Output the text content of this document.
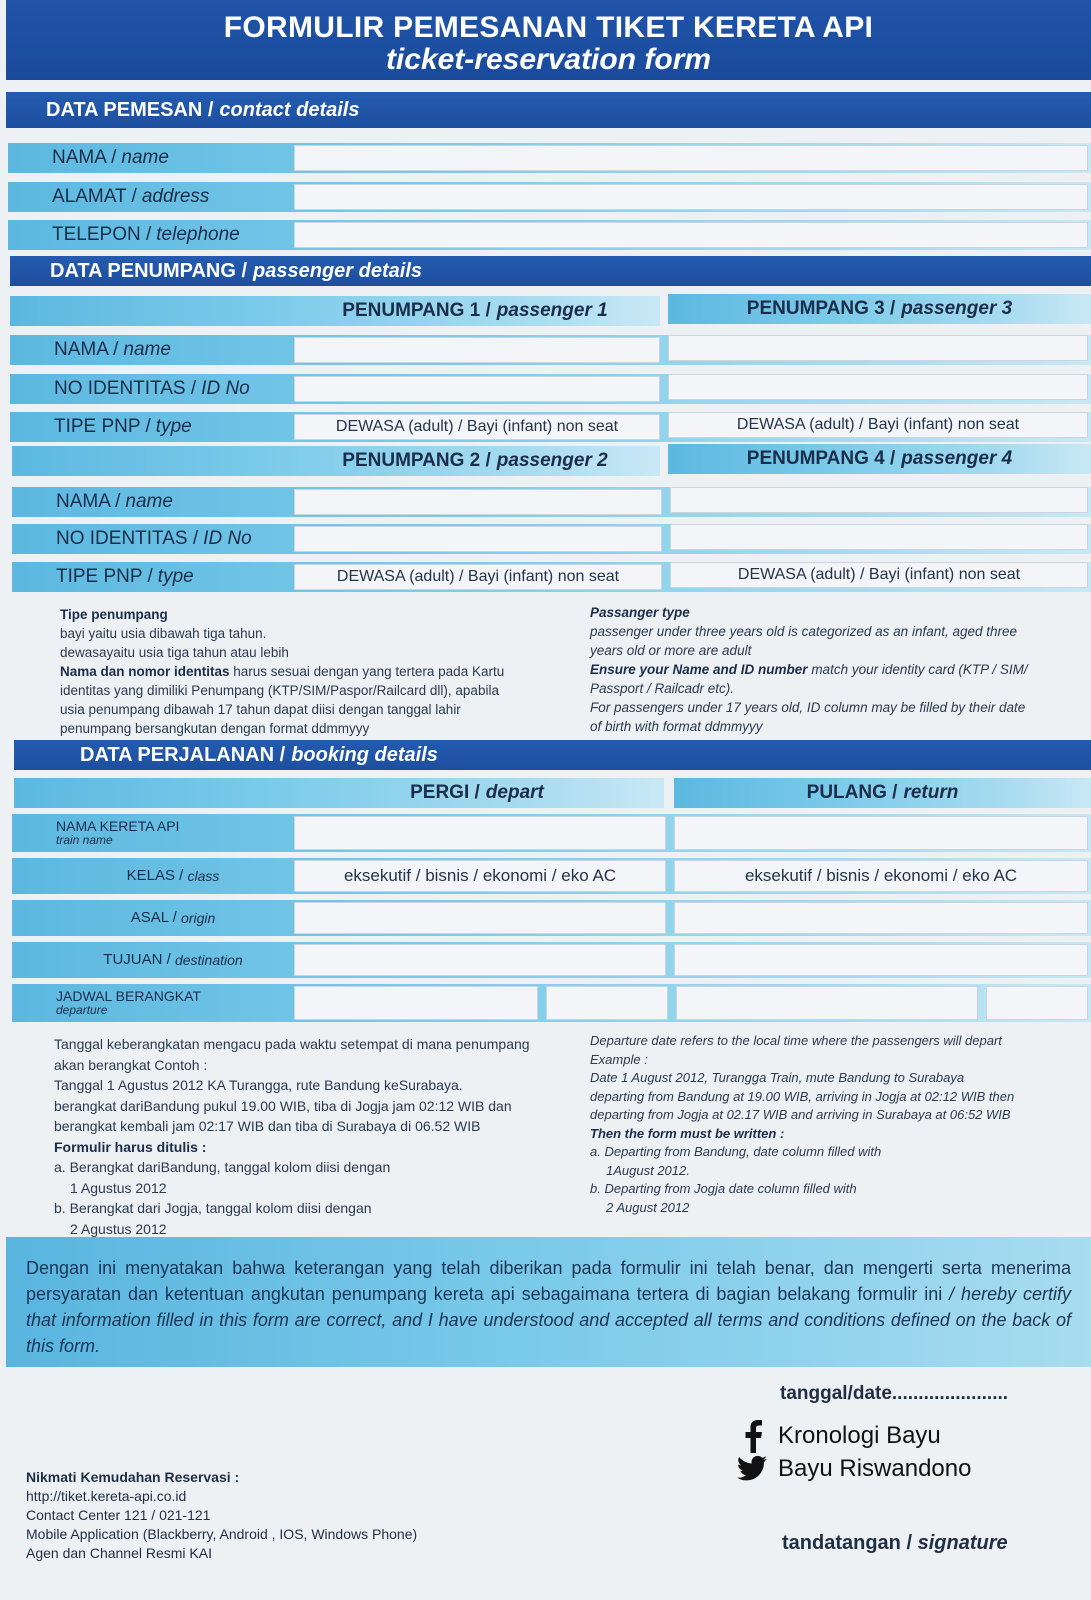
FORMULIR PEMESANAN TIKET KERETA API
ticket-reservation form
DATA PEMESAN / contact details
NAMA / name
ALAMAT / address
TELEPON / telephone
DATA PENUMPANG / passenger details
PENUMPANG 1 / passenger 1	PENUMPANG 3 / passenger 3
NAMA / name
NO IDENTITAS / ID No
TIPE PNP / type	DEWASA (adult) / Bayi (infant) non seat	DEWASA (adult) / Bayi (infant) non seat
PENUMPANG 2 / passenger 2	PENUMPANG 4 / passenger 4
NAMA / name
NO IDENTITAS / ID No
TIPE PNP / type	DEWASA (adult) / Bayi (infant) non seat	DEWASA (adult) / Bayi (infant) non seat
Tipe penumpang
bayi yaitu usia dibawah tiga tahun.
dewasayaitu usia tiga tahun atau lebih
Nama dan nomor identitas harus sesuai dengan yang tertera pada Kartu
identitas yang dimiliki Penumpang (KTP/SIM/Paspor/Railcard dll), apabila
usia penumpang dibawah 17 tahun dapat diisi dengan tanggal lahir
penumpang bersangkutan dengan format ddmmyyy
Passanger type
passenger under three years old is categorized as an infant, aged three
years old or more are adult
Ensure your Name and ID number match your identity card (KTP / SIM/
Passport / Railcadr etc).
For passengers under 17 years old, ID column may be filled by their date
of birth with format ddmmyyy
DATA PERJALANAN / booking details
PERGI / depart	PULANG / return
NAMA KERETA API
train name
KELAS /
class	eksekutif / bisnis / ekonomi / eko AC	eksekutif / bisnis / ekonomi / eko AC
ASAL /
origin
TUJUAN /
destination
JADWAL BERANGKAT
departure
Tanggal keberangkatan mengacu pada waktu setempat di mana penumpang
akan berangkat Contoh :
Tanggal 1 Agustus 2012 KA Turangga, rute Bandung keSurabaya.
berangkat dariBandung pukul 19.00 WIB, tiba di Jogja jam 02:12 WIB dan
berangkat kembali jam 02:17 WIB dan tiba di Surabaya di 06.52 WIB
Formulir harus ditulis :
a. Berangkat dariBandung, tanggal kolom diisi dengan
1 Agustus 2012
b. Berangkat dari Jogja, tanggal kolom diisi dengan
2 Agustus 2012
Departure date refers to the local time where the passengers will depart
Example :
Date 1 August 2012, Turangga Train, mute Bandung to Surabaya
departing from Bandung at 19.00 WIB, arriving in Jogja at 02:12 WIB then
departing from Jogja at 02.17 WIB and arriving in Surabaya at 06:52 WIB
Then the form must be written :
a. Departing from Bandung, date column filled with
1August 2012.
b. Departing from Jogja date column filled with
2 August 2012
Dengan ini menyatakan bahwa keterangan yang telah diberikan pada formulir ini telah benar, dan mengerti serta menerima persyaratan dan ketentuan angkutan penumpang kereta api sebagaimana tertera di bagian belakang formulir ini / hereby certify that information filled in this form are correct, and I have understood and accepted all terms and conditions defined on the back of this form.
tanggal/date......................
Nikmati Kemudahan Reservasi :
http://tiket.kereta-api.co.id
Contact Center 121 / 021-121
Mobile Application (Blackberry, Android , IOS, Windows Phone)
Agen dan Channel Resmi KAI	tandatangan / signature
Kronologi Bayu
Bayu Riswandono
